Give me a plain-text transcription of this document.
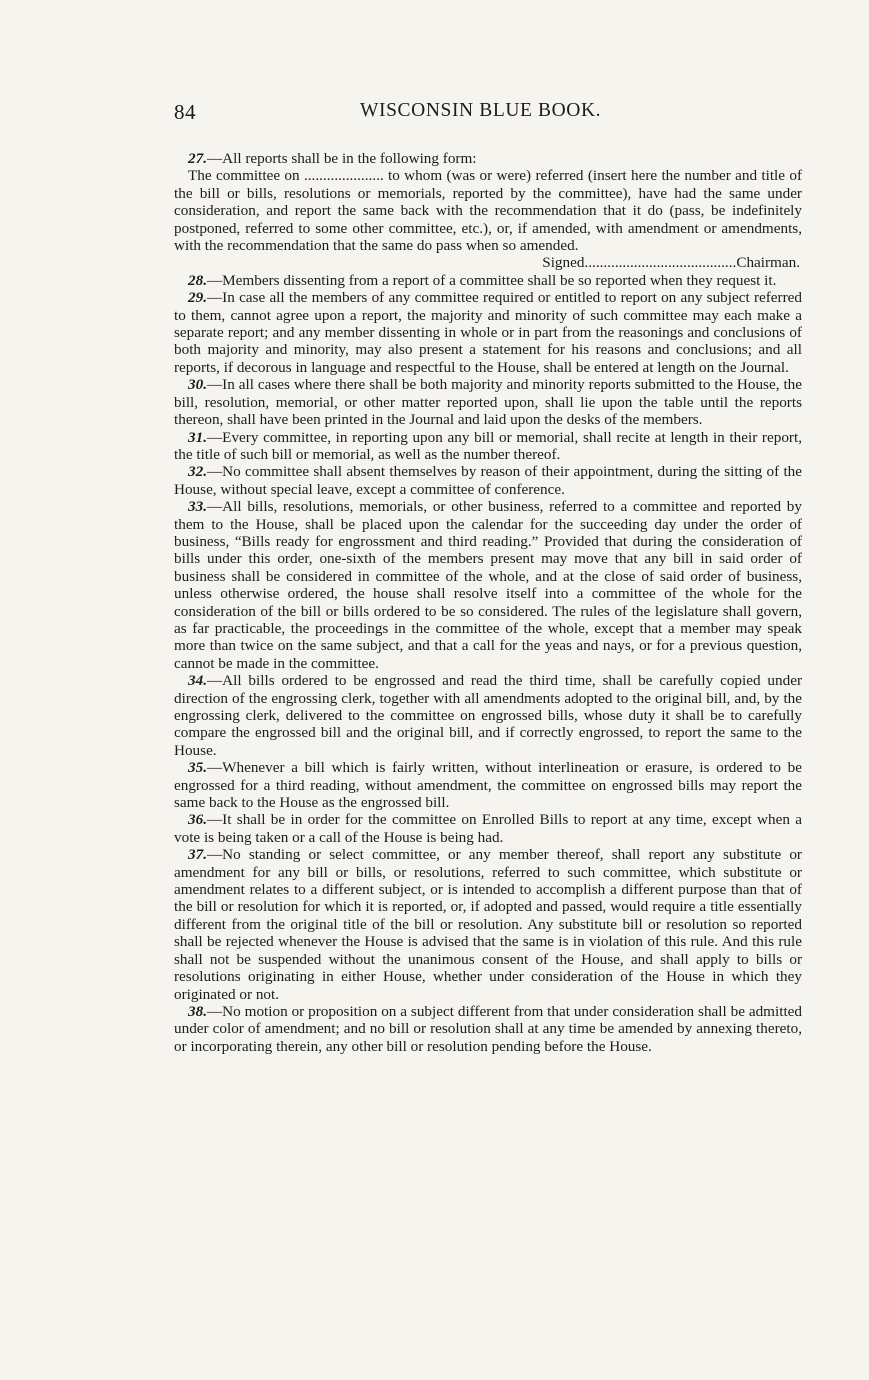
84	WISCONSIN BLUE BOOK.

27.—All reports shall be in the following form:

The committee on ..................... to whom (was or were) referred (insert here the number and title of the bill or bills, resolutions or memorials, reported by the committee), have had the same under consideration, and report the same back with the recommendation that it do (pass, be indefinitely postponed, referred to some other committee, etc.), or, if amended, with amendment or amendments, with the recommendation that the same do pass when so amended.

Signed........................................Chairman.

28.—Members dissenting from a report of a committee shall be so reported when they request it.

29.—In case all the members of any committee required or entitled to report on any subject referred to them, cannot agree upon a report, the majority and minority of such committee may each make a separate report; and any member dissenting in whole or in part from the reasonings and conclusions of both majority and minority, may also present a statement for his reasons and conclusions; and all reports, if decorous in language and respectful to the House, shall be entered at length on the Journal.

30.—In all cases where there shall be both majority and minority reports submitted to the House, the bill, resolution, memorial, or other matter reported upon, shall lie upon the table until the reports thereon, shall have been printed in the Journal and laid upon the desks of the members.

31.—Every committee, in reporting upon any bill or memorial, shall recite at length in their report, the title of such bill or memorial, as well as the number thereof.

32.—No committee shall absent themselves by reason of their appointment, during the sitting of the House, without special leave, except a committee of conference.

33.—All bills, resolutions, memorials, or other business, referred to a committee and reported by them to the House, shall be placed upon the calendar for the succeeding day under the order of business, “Bills ready for engrossment and third reading.” Provided that during the consideration of bills under this order, one-sixth of the members present may move that any bill in said order of business shall be considered in committee of the whole, and at the close of said order of business, unless otherwise ordered, the house shall resolve itself into a committee of the whole for the consideration of the bill or bills ordered to be so considered. The rules of the legislature shall govern, as far practicable, the proceedings in the committee of the whole, except that a member may speak more than twice on the same subject, and that a call for the yeas and nays, or for a previous question, cannot be made in the committee.

34.—All bills ordered to be engrossed and read the third time, shall be carefully copied under direction of the engrossing clerk, together with all amendments adopted to the original bill, and, by the engrossing clerk, delivered to the committee on engrossed bills, whose duty it shall be to carefully compare the engrossed bill and the original bill, and if correctly engrossed, to report the same to the House.

35.—Whenever a bill which is fairly written, without interlineation or erasure, is ordered to be engrossed for a third reading, without amendment, the committee on engrossed bills may report the same back to the House as the engrossed bill.

36.—It shall be in order for the committee on Enrolled Bills to report at any time, except when a vote is being taken or a call of the House is being had.

37.—No standing or select committee, or any member thereof, shall report any substitute or amendment for any bill or bills, or resolutions, referred to such committee, which substitute or amendment relates to a different subject, or is intended to accomplish a different purpose than that of the bill or resolution for which it is reported, or, if adopted and passed, would require a title essentially different from the original title of the bill or resolution. Any substitute bill or resolution so reported shall be rejected whenever the House is advised that the same is in violation of this rule. And this rule shall not be suspended without the unanimous consent of the House, and shall apply to bills or resolutions originating in either House, whether under consideration of the House in which they originated or not.

38.—No motion or proposition on a subject different from that under consideration shall be admitted under color of amendment; and no bill or resolution shall at any time be amended by annexing thereto, or incorporating therein, any other bill or resolution pending before the House.
